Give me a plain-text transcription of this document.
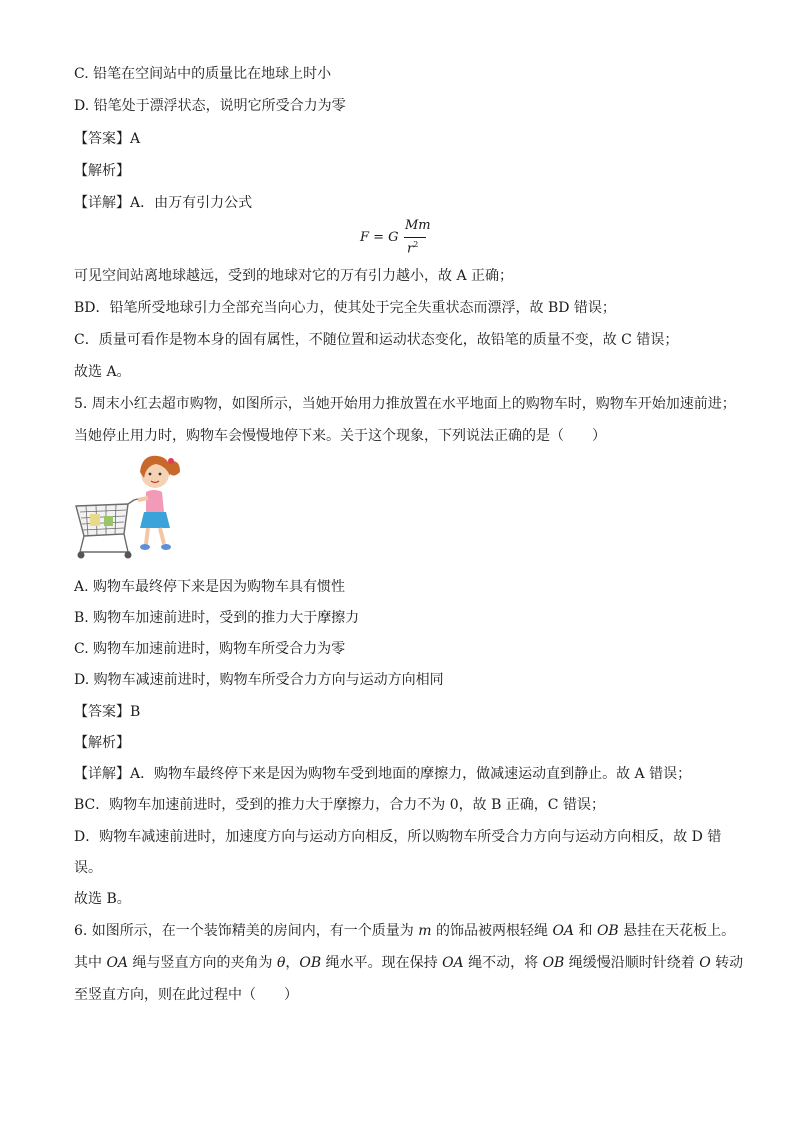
C. 铅笔在空间站中的质量比在地球上时小
D. 铅笔处于漂浮状态，说明它所受合力为零
【答案】A
【解析】
【详解】A．由万有引力公式
F = G
Mm
$r^2$
可见空间站离地球越远，受到的地球对它的万有引力越小，故 A 正确；
BD．铅笔所受地球引力全部充当向心力，使其处于完全失重状态而漂浮，故 BD 错误；
C．质量可看作是物本身的固有属性，不随位置和运动状态变化，故铅笔的质量不变，故 C 错误；
故选 A。
5. 周末小红去超市购物，如图所示，当她开始用力推放置在水平地面上的购物车时，购物车开始加速前进；
当她停止用力时，购物车会慢慢地停下来。关于这个现象，下列说法正确的是（　　）
A. 购物车最终停下来是因为购物车具有惯性
B. 购物车加速前进时，受到的推力大于摩擦力
C. 购物车加速前进时，购物车所受合力为零
D. 购物车减速前进时，购物车所受合力方向与运动方向相同
【答案】B
【解析】
【详解】A．购物车最终停下来是因为购物车受到地面的摩擦力，做减速运动直到静止。故 A 错误；
BC．购物车加速前进时，受到的推力大于摩擦力，合力不为 0，故 B 正确，C 错误；
D．购物车减速前进时，加速度方向与运动方向相反，所以购物车所受合力方向与运动方向相反，故 D 错
误。
故选 B。
6. 如图所示，在一个装饰精美的房间内，有一个质量为 m 的饰品被两根轻绳 OA 和 OB 悬挂在天花板上。
其中 OA 绳与竖直方向的夹角为 θ，OB 绳水平。现在保持 OA 绳不动，将 OB 绳缓慢沿顺时针绕着 O 转动
至竖直方向，则在此过程中（　　）
